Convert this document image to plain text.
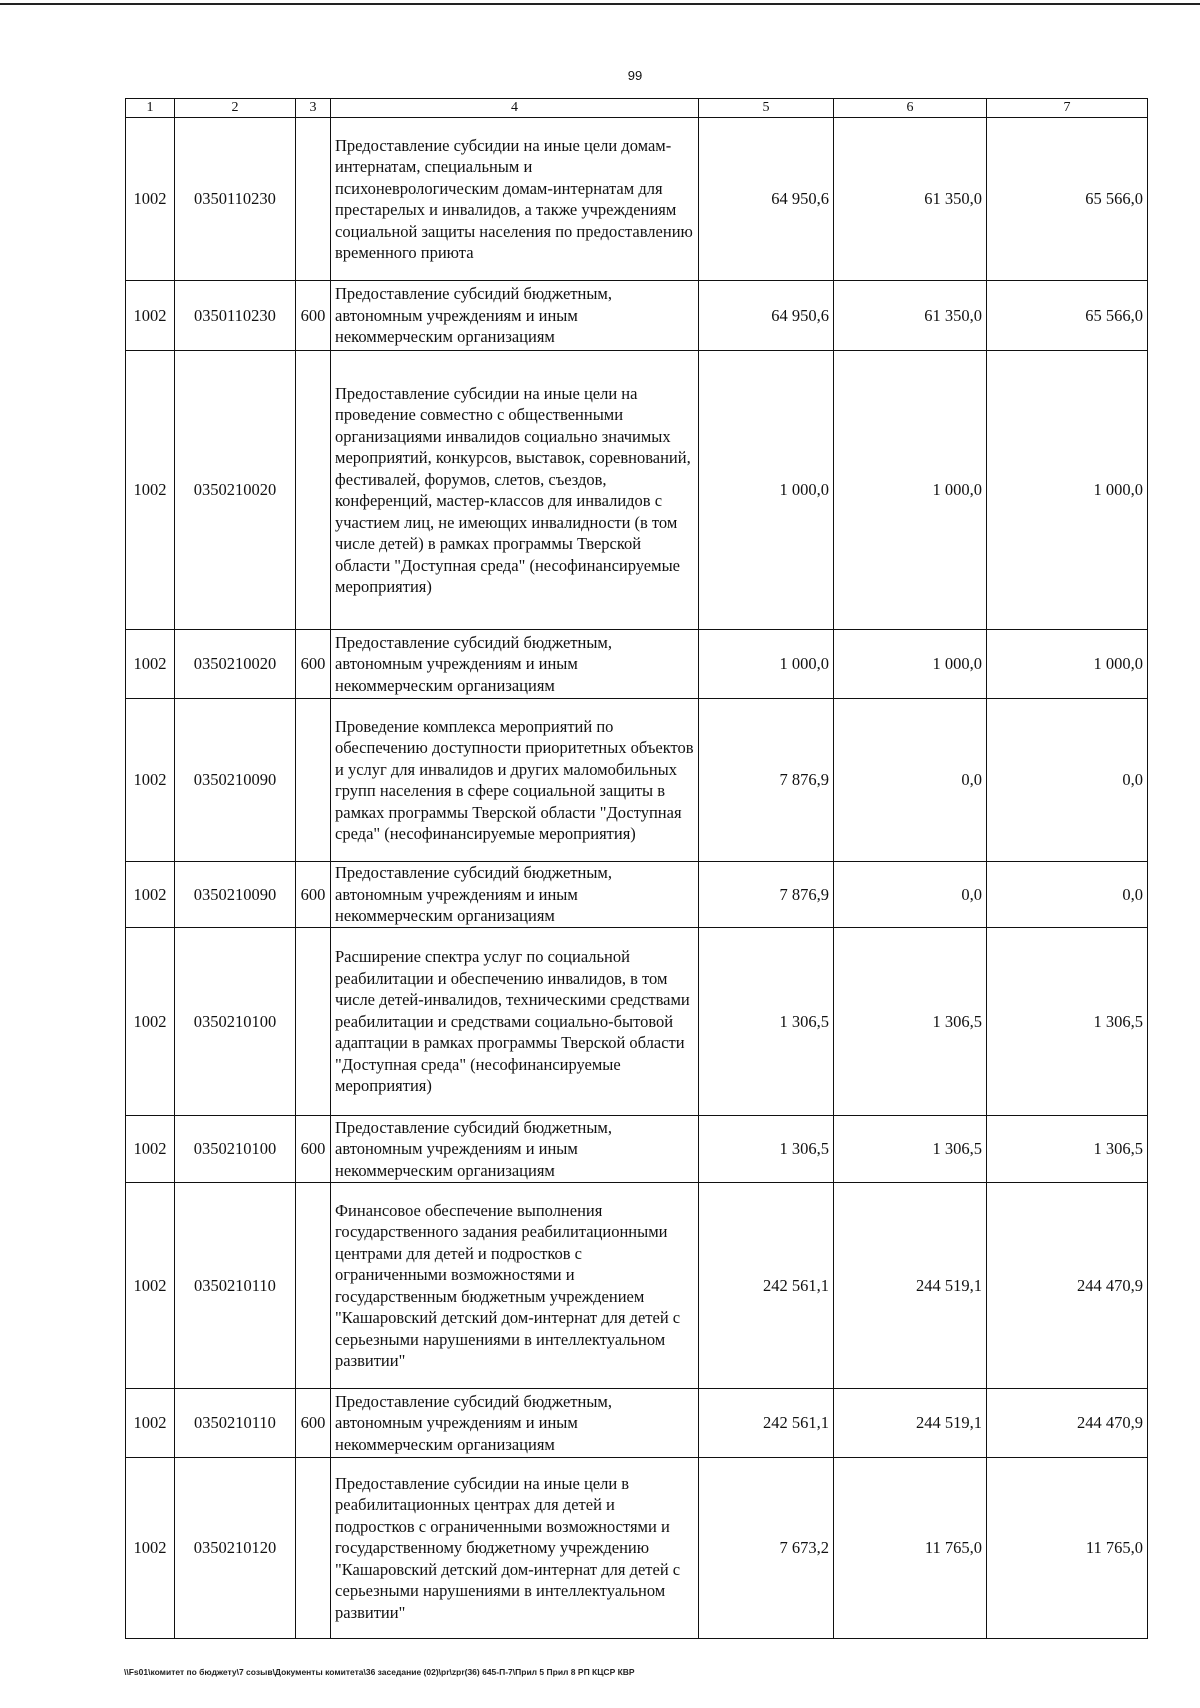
99
1	2	3	4	5	6	7
1002	0350110230		Предоставление субсидии на иные цели домам-интернатам, специальным и психоневрологическим домам-интернатам для престарелых и инвалидов, а также учреждениям социальной защиты населения по предоставлению временного приюта	64 950,6	61 350,0	65 566,0
1002	0350110230	600	Предоставление субсидий бюджетным, автономным учреждениям и иным некоммерческим организациям	64 950,6	61 350,0	65 566,0
1002	0350210020		Предоставление субсидии на иные цели на проведение совместно с общественными организациями инвалидов социально значимых мероприятий, конкурсов, выставок, соревнований, фестивалей, форумов, слетов, съездов, конференций, мастер-классов для инвалидов с участием лиц, не имеющих инвалидности (в том числе детей) в рамках программы Тверской области "Доступная среда" (несофинансируемые мероприятия)	1 000,0	1 000,0	1 000,0
1002	0350210020	600	Предоставление субсидий бюджетным, автономным учреждениям и иным некоммерческим организациям	1 000,0	1 000,0	1 000,0
1002	0350210090		Проведение комплекса мероприятий по обеспечению доступности приоритетных объектов и услуг для инвалидов и других маломобильных групп населения в сфере социальной защиты в рамках программы Тверской области "Доступная среда" (несофинансируемые мероприятия)	7 876,9	0,0	0,0
1002	0350210090	600	Предоставление субсидий бюджетным, автономным учреждениям и иным некоммерческим организациям	7 876,9	0,0	0,0
1002	0350210100		Расширение спектра услуг по социальной реабилитации и обеспечению инвалидов, в том числе детей-инвалидов, техническими средствами реабилитации и средствами социально-бытовой адаптации в рамках программы Тверской области "Доступная среда" (несофинансируемые мероприятия)	1 306,5	1 306,5	1 306,5
1002	0350210100	600	Предоставление субсидий бюджетным, автономным учреждениям и иным некоммерческим организациям	1 306,5	1 306,5	1 306,5
1002	0350210110		Финансовое обеспечение выполнения государственного задания реабилитационными центрами для детей и подростков с ограниченными возможностями и государственным бюджетным учреждением "Кашаровский детский дом-интернат для детей с серьезными нарушениями в интеллектуальном развитии"	242 561,1	244 519,1	244 470,9
1002	0350210110	600	Предоставление субсидий бюджетным, автономным учреждениям и иным некоммерческим организациям	242 561,1	244 519,1	244 470,9
1002	0350210120		Предоставление субсидии на иные цели в реабилитационных центрах для детей и подростков с ограниченными возможностями и государственному бюджетному учреждению "Кашаровский детский дом-интернат для детей с серьезными нарушениями в интеллектуальном развитии"	7 673,2	11 765,0	11 765,0
\\Fs01\комитет по бюджету\7 созыв\Документы комитета\36 заседание (02)\pr\zpr(36) 645-П-7\Прил 5 Прил 8 РП КЦСР КВР
